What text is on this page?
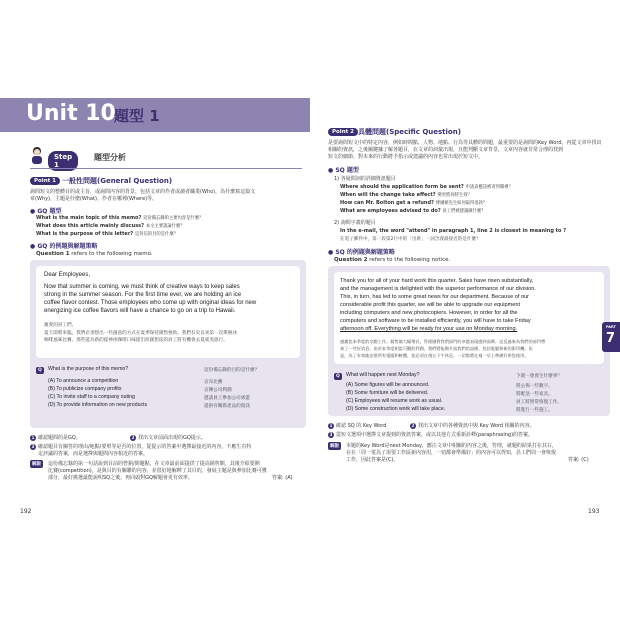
Unit 10
題型 1
Step 1
題型分析
Point 1 一般性問題(General Question)
詢問短文的整體目的或主旨，或詢問內容的背景，包括文章的作者或讀者職業(Who)，為什麼寫這篇文
章(Why)，主題是什麼(What)，作者在哪裡(Where)等。
● GQ 題型
What is the main topic of this memo? 這份備忘錄的主要內容是什麼？
What does this article mainly discuss? 本文主要談論什麼？
What is the purpose of this letter? 這封信的目的是什麼？
● GQ 的例題與解題策略
Question 1 refers to the following memo.
Dear Employees,
Now that summer is coming, we must think of creative ways to keep sales
strong in the summer season. For the first time ever, we are holding an ice
coffee flavor contest. Those employees who come up with original ideas for new
energizing ice coffee flavors will have a chance to go on a trip to Hawaii.
親愛的員工們，
夏天即將來臨，我們必須想出一些創意的方式在夏季保持銷售強勁。我們有史以來第一次舉辦冰
咖啡風味比賽。那些能為新的提神冰咖啡口味提出原創想法的員工將有機會去夏威夷旅行。
Q	What is the purpose of this memo?	這份備忘錄的目的是什麼？
(A) To announce a competition	宣布比賽
(B) To publicize company profits	宣傳公司利潤
(C) To invite staff to a company outing	邀請員工參加公司郊遊
(D) To provide information on new products	提供有關新產品的資訊
1 確認題問的是GQ。	2 找出文章前面出現的GQ提示。
3 確認題目有關答的理由/地點/要單等是否的位置，從提示的答案中選擇最接近的內容。不應生有特
定評議的答案，而是選擇與題問內容相近的答案。
解說	這份備忘錄的第一句話說到目前的營銷/問題點，在文章最前面提供了提高銷售額，其後介紹要開
比賽(competition)，是與目的有關聯的內容，並很好地解釋了其目的，發展主題是與參加比賽可獲
部分，最好挑選最能說明SQ之後，再回頭對GQ解題會更有效率。	答案: (A)
192
Point 2 具體問題(Specific Question)
是要詢問短文中的特定內容，例如時間點、人物、地點、行為等具體的問題，最重要的是詢問的Key Word，再從文章中找出
相關的資訊，之後關鍵據了解各題目，在文章的詞彙出現，且能判斷文章背景，文章內容就非常合理的找到
短文的細節，對未來的行動將予指示或建議的內容也常出現於短文中。
● SQ 題型
1) 各疑問詞的詳細資訊題目
Where should the application form be sent? 申請表應該被寄到哪裡？
When will the change take effect? 變更將何時生效？
How can Mr. Bolton get a refund? 博爾頓先生如何取得退款？
What are employees advised to do? 員工們被建議做什麼？
2) 詢問字義的題目
In the e-mail, the word "attend" in paragraph 1, line 2 is closest in meaning to ?
在電子郵件中，第一段第2行中的「出席」一詞含義最接近的是什麼？
● SQ 的例題與解題策略
Question 2 refers to the following notice.
Thank you for all of your hard work this quarter. Sales have risen substantially,
and the management is delighted with the superior performance of our division.
This, in turn, has led to some great news for our department. Because of our
considerable profit this quarter, we will be able to upgrade our equipment
including computers and new photocopiers. However, in order for all the
computers and software to be installed efficiently, you will have to take Friday
afternoon off. Everything will be ready for your use on Monday morning.
感謝您本季度的辛勤工作。銷售額大幅增長，管理層對我們部門的卓越表現感到高興。這反過來為我們的部門帶
來了一些好消息。由於本季度相當可觀的利潤，我們將能夠升級我們的設備，包括電腦和新的影印機。但
是，為了有效地安裝所有電腦和軟體，您必須在週五下午休息。一切都將在週一早上準備好供您使用。
Q	What will happen next Monday?	下週一會發生什麼事？
(A) Some figures will be announced.	將公佈一些數字。
(B) Some furniture will be delivered.	將配送一些家具。
(C) Employees will resume work as usual.	員工將照常恢復工作。
(D) Some construction work will take place.	將進行一些施工。
1 確認 SQ 的 Key Word	2 找出文章中的各種資訊中與 Key Word 相關的內容。
3 從短文選項中選擇文章提到的資訊答案，或以其他方式重新詮釋(paraphrasing)的答案。
解說	本題的Key Word是next Monday，應注文章中相關的內容之後，答理，就題的結果打在其右，
在在「周一電為了需要工作區新內容用，一切都會準備好」的內容可以得知，員工們周一會恢復
工作，因此答案是(C)。	答案: (C)
193
PART
7
